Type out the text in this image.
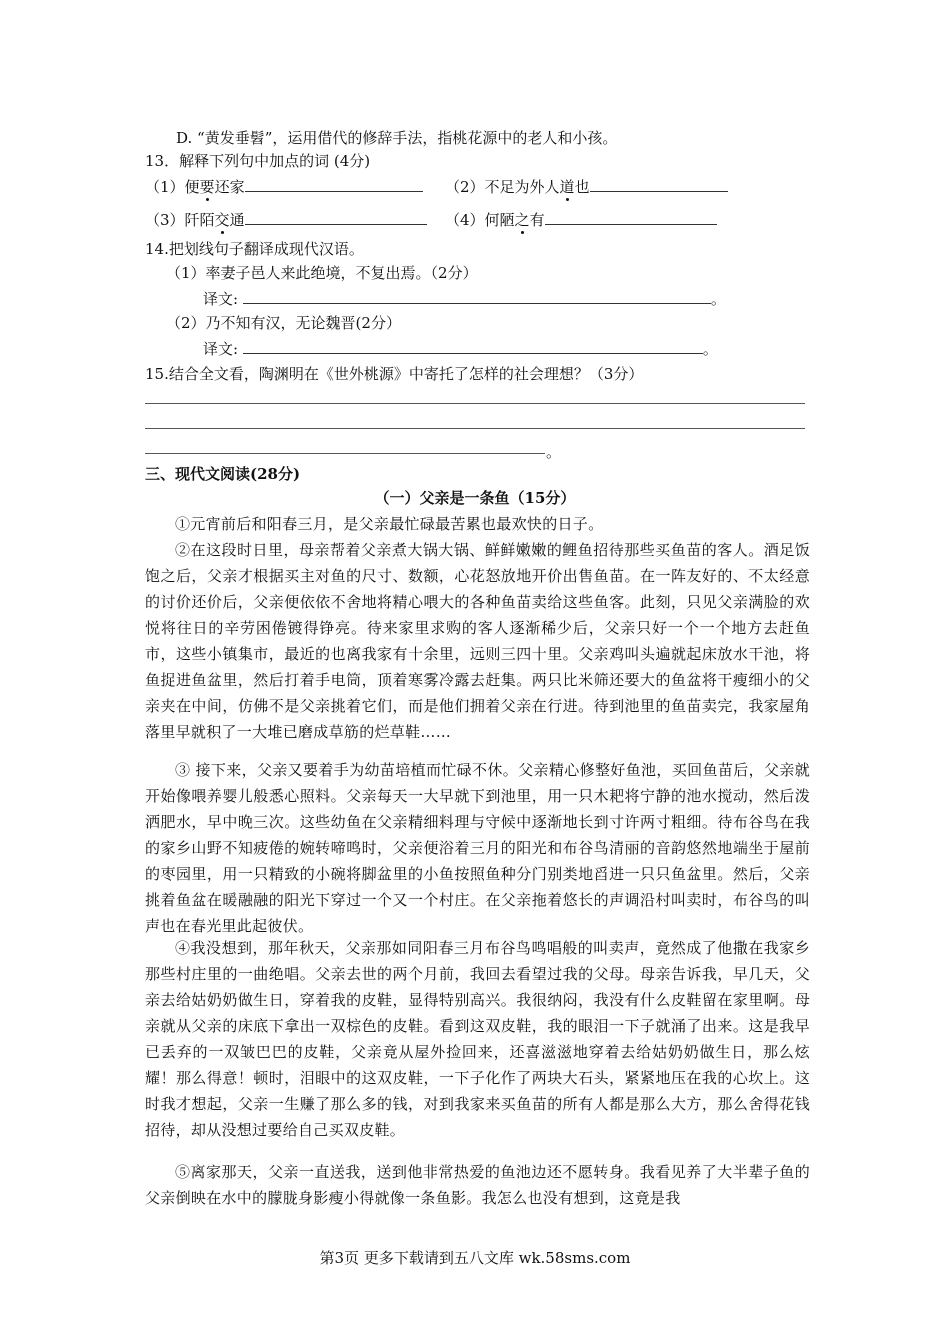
D. “黄发垂髫”，运用借代的修辞手法，指桃花源中的老人和小孩。
13．解释下列句中加点的词 (4分)
（1）便要还家	（2）不足为外人道也
（3）阡陌交通	（4）何陋之有
14.把划线句子翻译成现代汉语。
（1）率妻子邑人来此绝境，不复出焉。（2分）
译文:	。
（2）乃不知有汉，无论魏晋(2分）
译文:	。
15.结合全文看，陶渊明在《世外桃源》中寄托了怎样的社会理想？（3分）
。
三、现代文阅读(28分)
（一）父亲是一条鱼（15分）
①元宵前后和阳春三月，是父亲最忙碌最苦累也最欢快的日子。
②在这段时日里，母亲帮着父亲煮大锅大锅、鲜鲜嫩嫩的鲤鱼招待那些买鱼苗的客人。酒足饭饱之后，父亲才根据买主对鱼的尺寸、数额，心花怒放地开价出售鱼苗。在一阵友好的、不太经意的讨价还价后，父亲便依依不舍地将精心喂大的各种鱼苗卖给这些鱼客。此刻，只见父亲满脸的欢悦将往日的辛劳困倦镀得铮亮。待来家里求购的客人逐渐稀少后，父亲只好一个一个地方去赶鱼市，这些小镇集市，最近的也离我家有十余里，远则三四十里。父亲鸡叫头遍就起床放水干池，将鱼捉进鱼盆里，然后打着手电筒，顶着寒雾冷露去赶集。两只比米筛还要大的鱼盆将干瘦细小的父亲夹在中间，仿佛不是父亲挑着它们，而是他们拥着父亲在行进。待到池里的鱼苗卖完，我家屋角落里早就积了一大堆已磨成草筋的烂草鞋……
③ 接下来，父亲又要着手为幼苗培植而忙碌不休。父亲精心修整好鱼池，买回鱼苗后，父亲就开始像喂养婴儿般悉心照料。父亲每天一大早就下到池里，用一只木耙将宁静的池水搅动，然后泼洒肥水，早中晚三次。这些幼鱼在父亲精细料理与守候中逐渐地长到寸许两寸粗细。待布谷鸟在我的家乡山野不知疲倦的婉转啼鸣时，父亲便浴着三月的阳光和布谷鸟清丽的音韵悠然地端坐于屋前的枣园里，用一只精致的小碗将脚盆里的小鱼按照鱼种分门别类地舀进一只只鱼盆里。然后，父亲挑着鱼盆在暖融融的阳光下穿过一个又一个村庄。在父亲拖着悠长的声调沿村叫卖时，布谷鸟的叫声也在春光里此起彼伏。
④我没想到，那年秋天，父亲那如同阳春三月布谷鸟鸣唱般的叫卖声，竟然成了他撒在我家乡那些村庄里的一曲绝唱。父亲去世的两个月前，我回去看望过我的父母。母亲告诉我，早几天，父亲去给姑奶奶做生日，穿着我的皮鞋，显得特别高兴。我很纳闷，我没有什么皮鞋留在家里啊。母亲就从父亲的床底下拿出一双棕色的皮鞋。看到这双皮鞋，我的眼泪一下子就涌了出来。这是我早已丢弃的一双皱巴巴的皮鞋，父亲竟从屋外捡回来，还喜滋滋地穿着去给姑奶奶做生日，那么炫耀！那么得意！顿时，泪眼中的这双皮鞋，一下子化作了两块大石头，紧紧地压在我的心坎上。这时我才想起，父亲一生赚了那么多的钱，对到我家来买鱼苗的所有人都是那么大方，那么舍得花钱招待，却从没想过要给自己买双皮鞋。
⑤离家那天，父亲一直送我，送到他非常热爱的鱼池边还不愿转身。我看见养了大半辈子鱼的父亲倒映在水中的朦胧身影瘦小得就像一条鱼影。我怎么也没有想到，这竟是我
第3页 更多下载请到五八文库 wk.58sms.com
